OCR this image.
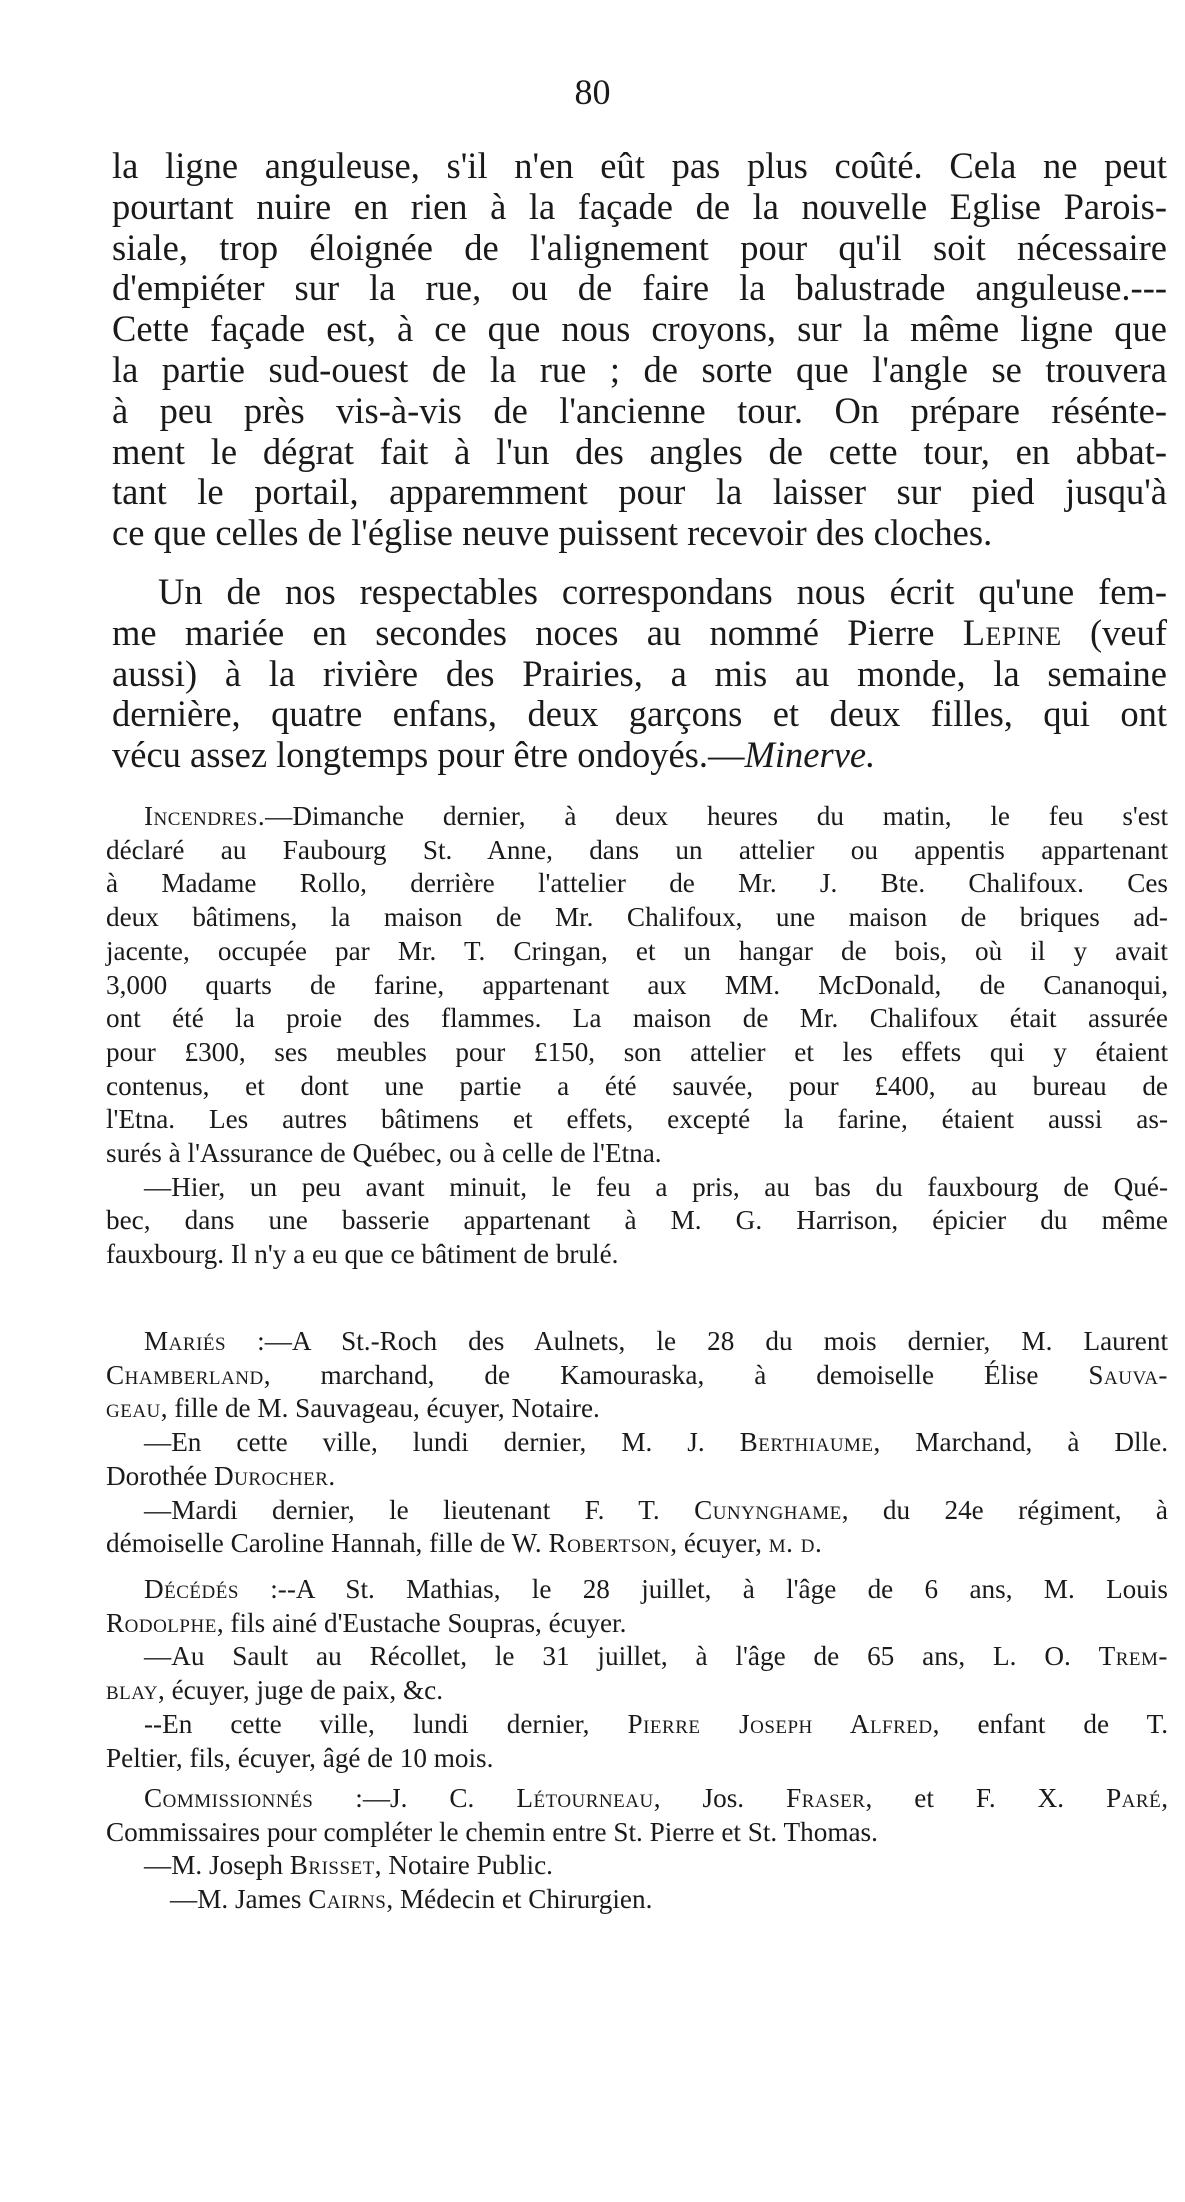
80
la ligne anguleuse, s'il n'en eût pas plus coûté. Cela ne peut
pourtant nuire en rien à la façade de la nouvelle Eglise Parois-
siale, trop éloignée de l'alignement pour qu'il soit nécessaire
d'empiéter sur la rue, ou de faire la balustrade anguleuse.---
Cette façade est, à ce que nous croyons, sur la même ligne que
la partie sud-ouest de la rue ; de sorte que l'angle se trouvera
à peu près vis-à-vis de l'ancienne tour. On prépare résénte-
ment le dégrat fait à l'un des angles de cette tour, en abbat-
tant le portail, apparemment pour la laisser sur pied jusqu'à
ce que celles de l'église neuve puissent recevoir des cloches.
Un de nos respectables correspondans nous écrit qu'une fem-
me mariée en secondes noces au nommé Pierre Lepine (veuf
aussi) à la rivière des Prairies, a mis au monde, la semaine
dernière, quatre enfans, deux garçons et deux filles, qui ont
vécu assez longtemps pour être ondoyés.—Minerve.
Incendres.—Dimanche dernier, à deux heures du matin, le feu s'est
déclaré au Faubourg St. Anne, dans un attelier ou appentis appartenant
à Madame Rollo, derrière l'attelier de Mr. J. Bte. Chalifoux. Ces
deux bâtimens, la maison de Mr. Chalifoux, une maison de briques ad-
jacente, occupée par Mr. T. Cringan, et un hangar de bois, où il y avait
3,000 quarts de farine, appartenant aux MM. McDonald, de Cananoqui,
ont été la proie des flammes. La maison de Mr. Chalifoux était assurée
pour £300, ses meubles pour £150, son attelier et les effets qui y étaient
contenus, et dont une partie a été sauvée, pour £400, au bureau de
l'Etna. Les autres bâtimens et effets, excepté la farine, étaient aussi as-
surés à l'Assurance de Québec, ou à celle de l'Etna.
—Hier, un peu avant minuit, le feu a pris, au bas du fauxbourg de Qué-
bec, dans une basserie appartenant à M. G. Harrison, épicier du même
fauxbourg. Il n'y a eu que ce bâtiment de brulé.
Mariés :—A St.-Roch des Aulnets, le 28 du mois dernier, M. Laurent
Chamberland, marchand, de Kamouraska, à demoiselle Élise Sauva-
geau, fille de M. Sauvageau, écuyer, Notaire.
—En cette ville, lundi dernier, M. J. Berthiaume, Marchand, à Dlle.
Dorothée Durocher.
—Mardi dernier, le lieutenant F. T. Cunynghame, du 24e régiment, à
démoiselle Caroline Hannah, fille de W. Robertson, écuyer, m. d.
Décédés :--A St. Mathias, le 28 juillet, à l'âge de 6 ans, M. Louis
Rodolphe, fils ainé d'Eustache Soupras, écuyer.
—Au Sault au Récollet, le 31 juillet, à l'âge de 65 ans, L. O. Trem-
blay, écuyer, juge de paix, &c.
--En cette ville, lundi dernier, Pierre Joseph Alfred, enfant de T.
Peltier, fils, écuyer, âgé de 10 mois.
Commissionnés :—J. C. Létourneau, Jos. Fraser, et F. X. Paré,
Commissaires pour compléter le chemin entre St. Pierre et St. Thomas.
—M. Joseph Brisset, Notaire Public.
—M. James Cairns, Médecin et Chirurgien.
